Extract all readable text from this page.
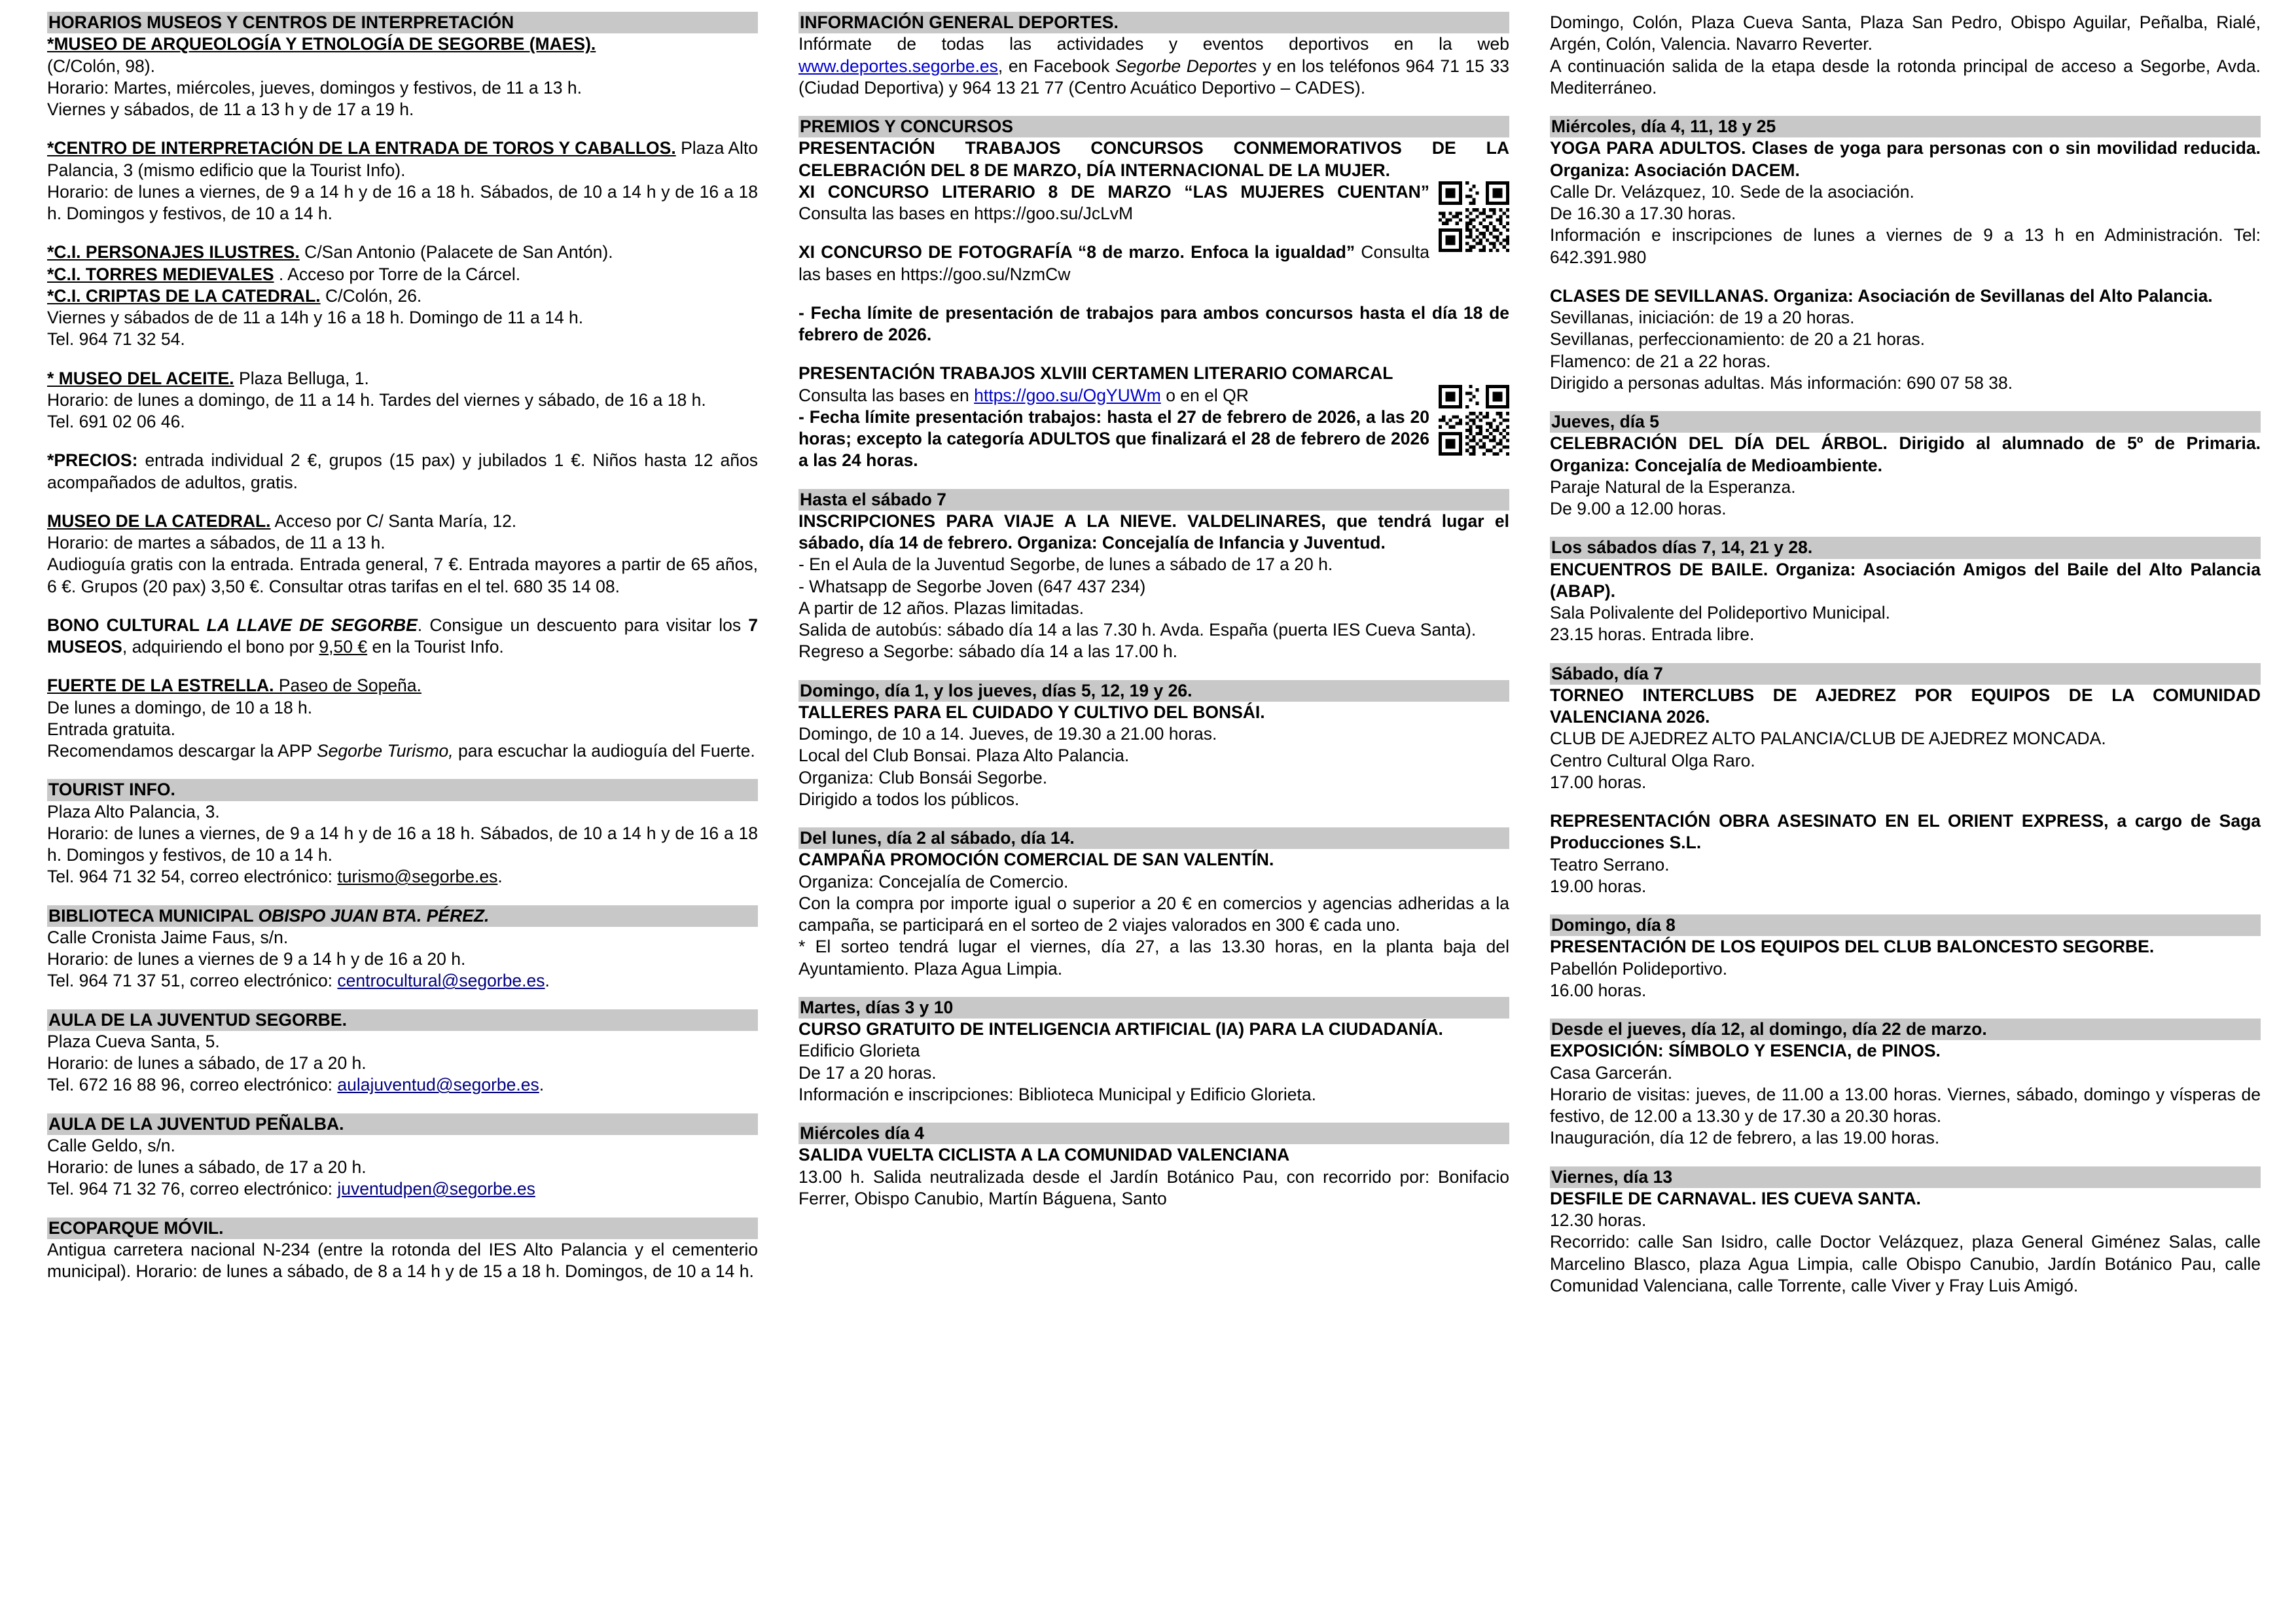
HORARIOS MUSEOS Y CENTROS DE INTERPRETACIÓN

*MUSEO DE ARQUEOLOGÍA Y ETNOLOGÍA DE SEGORBE (MAES).

(C/Colón, 98).

Horario: Martes, miércoles, jueves, domingos y festivos, de 11 a 13 h.

Viernes y sábados, de 11 a 13 h y de 17 a 19 h.

*CENTRO DE INTERPRETACIÓN DE LA ENTRADA DE TOROS Y CABALLOS. Plaza Alto Palancia, 3 (mismo edificio que la Tourist Info).

Horario: de lunes a viernes, de 9 a 14 h y de 16 a 18 h. Sábados, de 10 a 14 h y de 16 a 18 h. Domingos y festivos, de 10 a 14 h.

*C.I. PERSONAJES ILUSTRES. C/San Antonio (Palacete de San Antón).

*C.I. TORRES MEDIEVALES . Acceso por Torre de la Cárcel.

*C.I. CRIPTAS DE LA CATEDRAL. C/Colón, 26.

Viernes y sábados de de 11 a 14h y 16 a 18 h. Domingo de 11 a 14 h.

Tel. 964 71 32 54.

* MUSEO DEL ACEITE. Plaza Belluga, 1.

Horario: de lunes a domingo, de 11 a 14 h. Tardes del viernes y sábado, de 16 a 18 h.

Tel. 691 02 06 46.

*PRECIOS: entrada individual 2 €, grupos (15 pax) y jubilados 1 €. Niños hasta 12 años acompañados de adultos, gratis.

MUSEO DE LA CATEDRAL. Acceso por C/ Santa María, 12.

Horario: de martes a sábados, de 11 a 13 h.

Audioguía gratis con la entrada. Entrada general, 7 €. Entrada mayores a partir de 65 años, 6 €. Grupos (20 pax) 3,50 €. Consultar otras tarifas en el tel. 680 35 14 08.

BONO CULTURAL LA LLAVE DE SEGORBE. Consigue un descuento para visitar los 7 MUSEOS, adquiriendo el bono por 9,50 € en la Tourist Info.

FUERTE DE LA ESTRELLA. Paseo de Sopeña.

De lunes a domingo, de 10 a 18 h.

Entrada gratuita.

Recomendamos descargar la APP Segorbe Turismo, para escuchar la audioguía del Fuerte.

TOURIST INFO.

Plaza Alto Palancia, 3.

Horario: de lunes a viernes, de 9 a 14 h y de 16 a 18 h. Sábados, de 10 a 14 h y de 16 a 18 h. Domingos y festivos, de 10 a 14 h.

Tel. 964 71 32 54, correo electrónico: turismo@segorbe.es.

BIBLIOTECA MUNICIPAL OBISPO JUAN BTA. PÉREZ.

Calle Cronista Jaime Faus, s/n.

Horario: de lunes a viernes de 9 a 14 h y de 16 a 20 h.

Tel. 964 71 37 51, correo electrónico: centrocultural@segorbe.es.

AULA DE LA JUVENTUD SEGORBE.

Plaza Cueva Santa, 5.

Horario: de lunes a sábado, de 17 a 20 h.

Tel. 672 16 88 96, correo electrónico: aulajuventud@segorbe.es.

AULA DE LA JUVENTUD PEÑALBA.

Calle Geldo, s/n.

Horario: de lunes a sábado, de 17 a 20 h.

Tel. 964 71 32 76, correo electrónico: juventudpen@segorbe.es

ECOPARQUE MÓVIL.

Antigua carretera nacional N-234 (entre la rotonda del IES Alto Palancia y el cementerio municipal). Horario: de lunes a sábado, de 8 a 14 h y de 15 a 18 h. Domingos, de 10 a 14 h.

INFORMACIÓN GENERAL DEPORTES.

Infórmate de todas las actividades y eventos deportivos en la web www.deportes.segorbe.es, en Facebook Segorbe Deportes y en los teléfonos 964 71 15 33 (Ciudad Deportiva) y 964 13 21 77 (Centro Acuático Deportivo – CADES).

PREMIOS Y CONCURSOS

PRESENTACIÓN TRABAJOS CONCURSOS CONMEMORATIVOS DE LA CELEBRACIÓN DEL 8 DE MARZO, DÍA INTERNACIONAL DE LA MUJER.

XI CONCURSO LITERARIO 8 DE MARZO “LAS MUJERES CUENTAN” Consulta las bases en https://goo.su/JcLvM

XI CONCURSO DE FOTOGRAFÍA “8 de marzo. Enfoca la igualdad” Consulta las bases en https://goo.su/NzmCw

- Fecha límite de presentación de trabajos para ambos concursos hasta el día 18 de febrero de 2026.

PRESENTACIÓN TRABAJOS XLVIII CERTAMEN LITERARIO COMARCAL

Consulta las bases en https://goo.su/OgYUWm o en el QR

- Fecha límite presentación trabajos: hasta el 27 de febrero de 2026, a las 20 horas; excepto la categoría ADULTOS que finalizará el 28 de febrero de 2026 a las 24 horas.

Hasta el sábado 7

INSCRIPCIONES PARA VIAJE A LA NIEVE. VALDELINARES, que tendrá lugar el sábado, día 14 de febrero. Organiza: Concejalía de Infancia y Juventud.

- En el Aula de la Juventud Segorbe, de lunes a sábado de 17 a 20 h.

- Whatsapp de Segorbe Joven (647 437 234)

A partir de 12 años. Plazas limitadas.

Salida de autobús: sábado día 14 a las 7.30 h. Avda. España (puerta IES Cueva Santa).

Regreso a Segorbe: sábado día 14 a las 17.00 h.

Domingo, día 1, y los jueves, días 5, 12, 19 y 26.

TALLERES PARA EL CUIDADO Y CULTIVO DEL BONSÁI.

Domingo, de 10 a 14. Jueves, de 19.30 a 21.00 horas.

Local del Club Bonsai. Plaza Alto Palancia.

Organiza: Club Bonsái Segorbe.

Dirigido a todos los públicos.

Del lunes, día 2 al sábado, día 14.

CAMPAÑA PROMOCIÓN COMERCIAL DE SAN VALENTÍN.

Organiza: Concejalía de Comercio.

Con la compra por importe igual o superior a 20 € en comercios y agencias adheridas a la campaña, se participará en el sorteo de 2 viajes valorados en 300 € cada uno.

* El sorteo tendrá lugar el viernes, día 27, a las 13.30 horas, en la planta baja del Ayuntamiento. Plaza Agua Limpia.

Martes, días 3 y 10

CURSO GRATUITO DE INTELIGENCIA ARTIFICIAL (IA) PARA LA CIUDADANÍA.

Edificio Glorieta

De 17 a 20 horas.

Información e inscripciones: Biblioteca Municipal y Edificio Glorieta.

Miércoles día 4

SALIDA VUELTA CICLISTA A LA COMUNIDAD VALENCIANA

13.00 h. Salida neutralizada desde el Jardín Botánico Pau, con recorrido por: Bonifacio Ferrer, Obispo Canubio, Martín Báguena, Santo

Domingo, Colón, Plaza Cueva Santa, Plaza San Pedro, Obispo Aguilar, Peñalba, Rialé, Argén, Colón, Valencia. Navarro Reverter.

A continuación salida de la etapa desde la rotonda principal de acceso a Segorbe, Avda. Mediterráneo.

Miércoles, día 4, 11, 18 y 25

YOGA PARA ADULTOS. Clases de yoga para personas con o sin movilidad reducida. Organiza: Asociación DACEM.

Calle Dr. Velázquez, 10. Sede de la asociación.

De 16.30 a 17.30 horas.

Información e inscripciones de lunes a viernes de 9 a 13 h en Administración. Tel: 642.391.980

CLASES DE SEVILLANAS. Organiza: Asociación de Sevillanas del Alto Palancia.

Sevillanas, iniciación: de 19 a 20 horas.

Sevillanas, perfeccionamiento: de 20 a 21 horas.

Flamenco: de 21 a 22 horas.

Dirigido a personas adultas. Más información: 690 07 58 38.

Jueves, día 5

CELEBRACIÓN DEL DÍA DEL ÁRBOL. Dirigido al alumnado de 5º de Primaria. Organiza: Concejalía de Medioambiente.

Paraje Natural de la Esperanza.

De 9.00 a 12.00 horas.

Los sábados días 7, 14, 21 y 28.

ENCUENTROS DE BAILE. Organiza: Asociación Amigos del Baile del Alto Palancia (ABAP).

Sala Polivalente del Polideportivo Municipal.

23.15 horas. Entrada libre.

Sábado, día 7

TORNEO INTERCLUBS DE AJEDREZ POR EQUIPOS DE LA COMUNIDAD VALENCIANA 2026.

CLUB DE AJEDREZ ALTO PALANCIA/CLUB DE AJEDREZ MONCADA.

Centro Cultural Olga Raro.

17.00 horas.

REPRESENTACIÓN OBRA ASESINATO EN EL ORIENT EXPRESS, a cargo de Saga Producciones S.L.

Teatro Serrano.

19.00 horas.

Domingo, día 8

PRESENTACIÓN DE LOS EQUIPOS DEL CLUB BALONCESTO SEGORBE.

Pabellón Polideportivo.

16.00 horas.

Desde el jueves, día 12, al domingo, día 22 de marzo.

EXPOSICIÓN: SÍMBOLO Y ESENCIA, de PINOS.

Casa Garcerán.

Horario de visitas: jueves, de 11.00 a 13.00 horas. Viernes, sábado, domingo y vísperas de festivo, de 12.00 a 13.30 y de 17.30 a 20.30 horas.

Inauguración, día 12 de febrero, a las 19.00 horas.

Viernes, día 13

DESFILE DE CARNAVAL. IES CUEVA SANTA.

12.30 horas.

Recorrido: calle San Isidro, calle Doctor Velázquez, plaza General Giménez Salas, calle Marcelino Blasco, plaza Agua Limpia, calle Obispo Canubio, Jardín Botánico Pau, calle Comunidad Valenciana, calle Torrente, calle Viver y Fray Luis Amigó.
